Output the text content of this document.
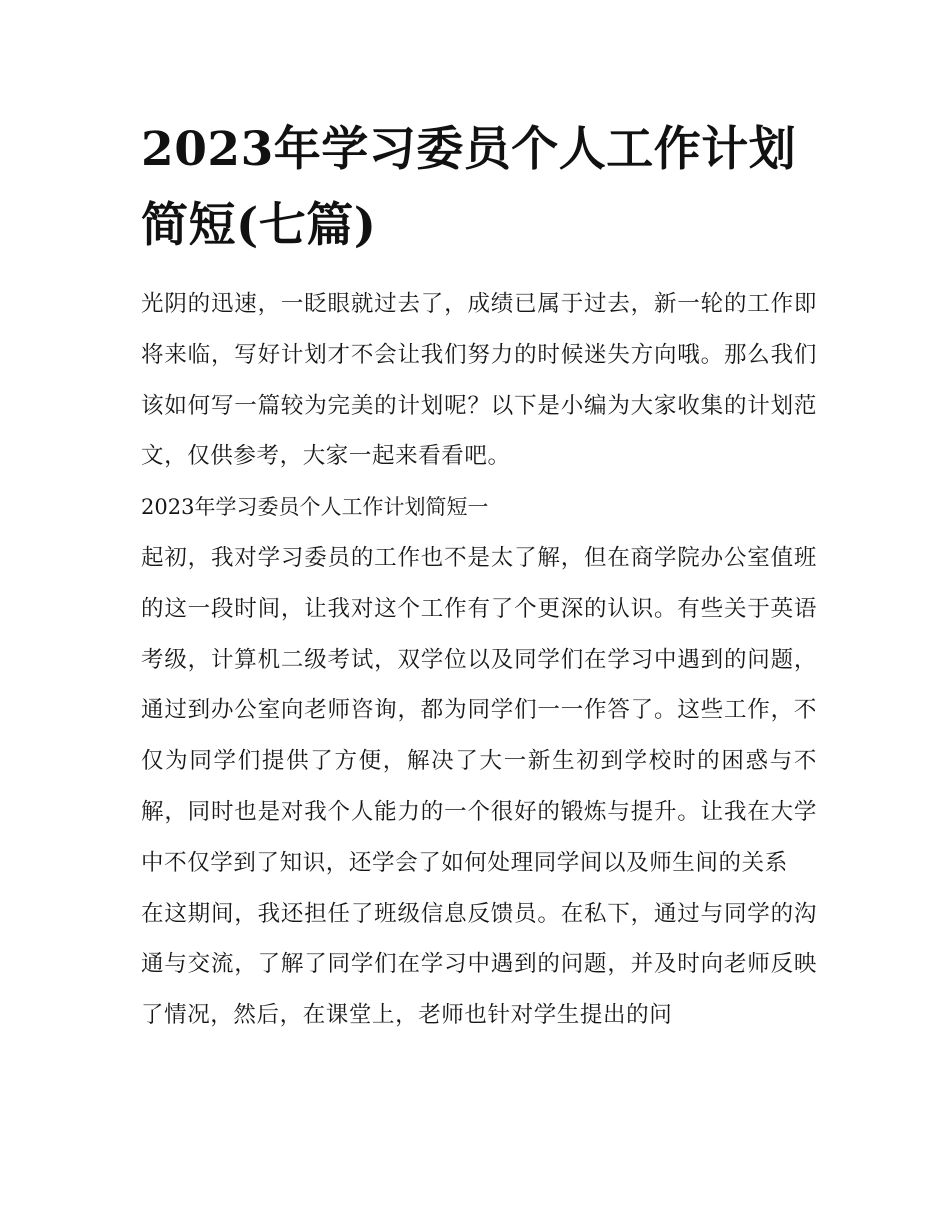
2023年学习委员个人工作计划简短(七篇)

光阴的迅速，一眨眼就过去了，成绩已属于过去，新一轮的工作即将来临，写好计划才不会让我们努力的时候迷失方向哦。那么我们该如何写一篇较为完美的计划呢？以下是小编为大家收集的计划范文，仅供参考，大家一起来看看吧。

2023年学习委员个人工作计划简短一

起初，我对学习委员的工作也不是太了解，但在商学院办公室值班的这一段时间，让我对这个工作有了个更深的认识。有些关于英语考级，计算机二级考试，双学位以及同学们在学习中遇到的问题，通过到办公室向老师咨询，都为同学们一一作答了。这些工作，不仅为同学们提供了方便，解决了大一新生初到学校时的困惑与不解，同时也是对我个人能力的一个很好的锻炼与提升。让我在大学中不仅学到了知识，还学会了如何处理同学间以及师生间的关系

在这期间，我还担任了班级信息反馈员。在私下，通过与同学的沟通与交流，了解了同学们在学习中遇到的问题，并及时向老师反映了情况，然后，在课堂上，老师也针对学生提出的问
